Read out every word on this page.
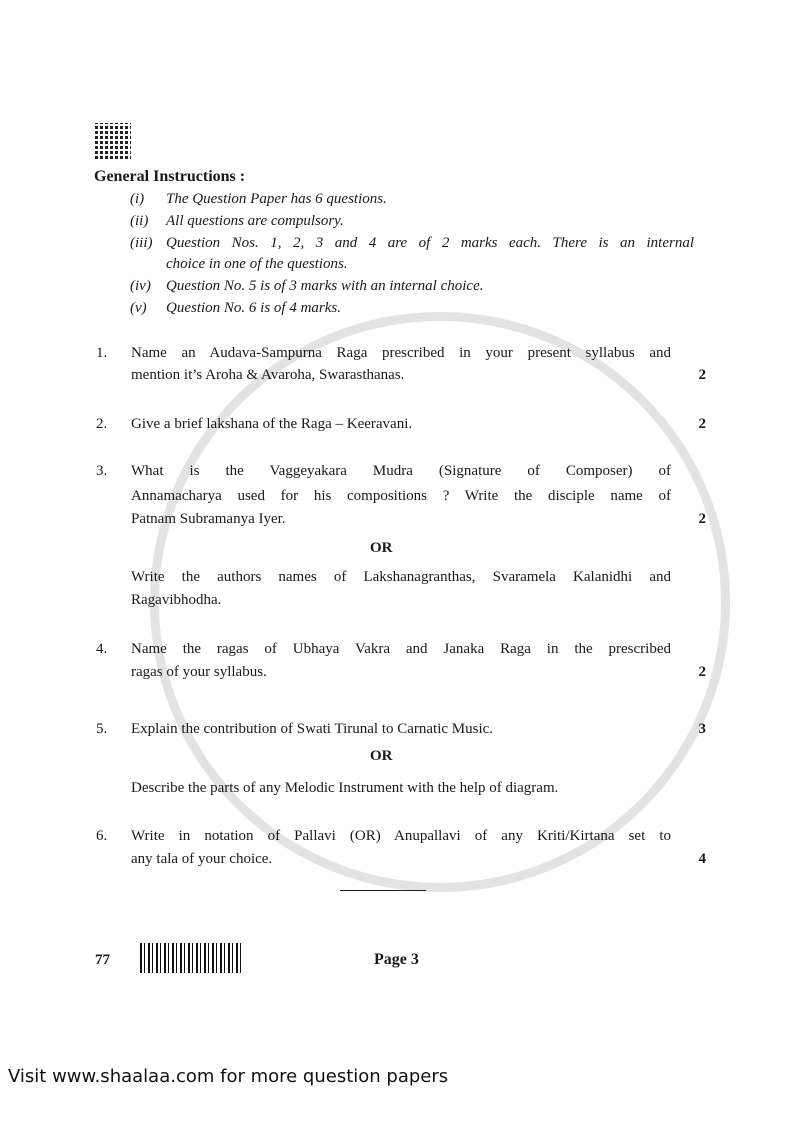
General Instructions :
(i) The Question Paper has 6 questions.
(ii) All questions are compulsory.
(iii) Question Nos. 1, 2, 3 and 4 are of 2 marks each. There is an internal
choice in one of the questions.
(iv) Question No. 5 is of 3 marks with an internal choice.
(v) Question No. 6 is of 4 marks.
1. Name an Audava-Sampurna Raga prescribed in your present syllabus and
mention it’s Aroha & Avaroha, Swarasthanas.	2
2. Give a brief lakshana of the Raga – Keeravani.	2
3. What is the Vaggeyakara Mudra (Signature of Composer) of
Annamacharya used for his compositions ? Write the disciple name of
Patnam Subramanya Iyer.	2
OR
Write the authors names of Lakshanagranthas, Svaramela Kalanidhi and
Ragavibhodha.
4. Name the ragas of Ubhaya Vakra and Janaka Raga in the prescribed
ragas of your syllabus.	2
5. Explain the contribution of Swati Tirunal to Carnatic Music.	3
OR
Describe the parts of any Melodic Instrument with the help of diagram.
6. Write in notation of Pallavi (OR) Anupallavi of any Kriti/Kirtana set to
any tala of your choice.	4
77	Page 3
Visit www.shaalaa.com for more question papers
